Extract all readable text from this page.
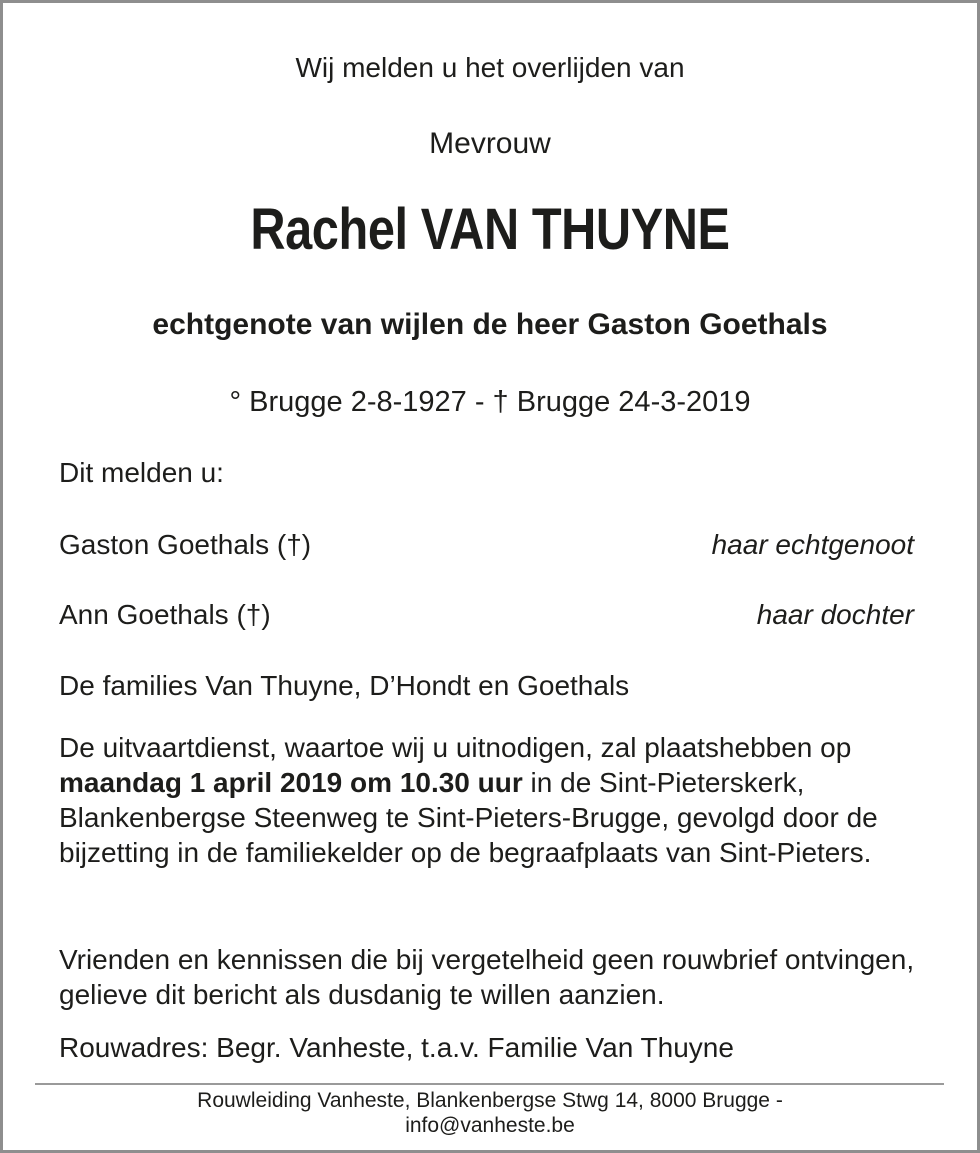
Wij melden u het overlijden van
Mevrouw
Rachel VAN THUYNE
echtgenote van wijlen de heer Gaston Goethals
° Brugge 2-8-1927 - † Brugge 24-3-2019
Dit melden u:
Gaston Goethals (†)	haar echtgenoot
Ann Goethals (†)	haar dochter
De families Van Thuyne, D’Hondt en Goethals
De uitvaartdienst, waartoe wij u uitnodigen, zal plaatshebben op maandag 1 april 2019 om 10.30 uur in de Sint-Pieterskerk, Blankenbergse Steenweg te Sint-Pieters-Brugge, gevolgd door de bijzetting in de familiekelder op de begraafplaats van Sint-Pieters.
Vrienden en kennissen die bij vergetelheid geen rouwbrief ontvingen, gelieve dit bericht als dusdanig te willen aanzien.
Rouwadres: Begr. Vanheste, t.a.v. Familie Van Thuyne
Rouwleiding Vanheste, Blankenbergse Stwg 14, 8000 Brugge -
info@vanheste.be
